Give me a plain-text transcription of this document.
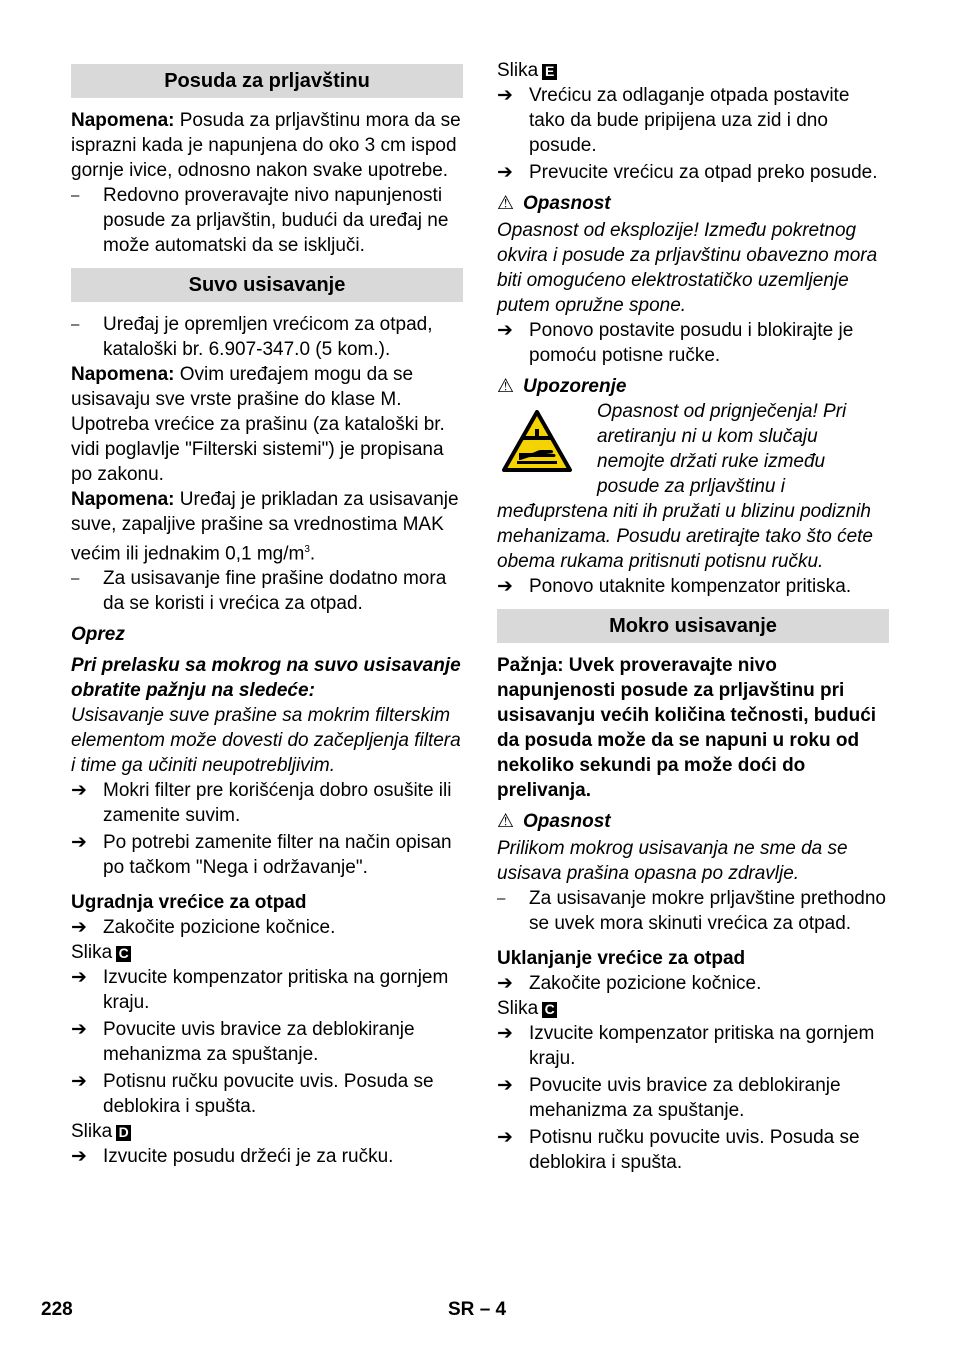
Posuda za prljavštinu

Napomena: Posuda za prljavštinu mora da se isprazni kada je napunjena do oko 3 cm ispod gornje ivice, odnosno nakon svake upotrebe.

–	Redovno proveravajte nivo napunjenosti posude za prljavštin, budući da uređaj ne može automatski da se isključi.
Suvo usisavanje
–	Uređaj je opremljen vrećicom za otpad, kataloški br. 6.907-347.0 (5 kom.).

Napomena: Ovim uređajem mogu da se usisavaju sve vrste prašine do klase M. Upotreba vrećice za prašinu (za kataloški br. vidi poglavlje "Filterski sistemi") je propisana po zakonu.

Napomena: Uređaj je prikladan za usisavanje suve, zapaljive prašine sa vrednostima MAK većim ili jednakim 0,1 $mg/m^3$.

–	Za usisavanje fine prašine dodatno mora da se koristi i vrećica za otpad.

Oprez

Pri prelasku sa mokrog na suvo usisavanje obratite pažnju na sledeće:

Usisavanje suve prašine sa mokrim filterskim elementom može dovesti do začepljenja filtera i time ga učiniti neupotrebljivim.

➔ Mokri filter pre korišćenja dobro osušite ili zamenite suvim.
➔ Po potrebi zamenite filter na način opisan po tačkom "Nega i održavanje".

Ugradnja vrećice za otpad

➔ Zakočite pozicione kočnice.

Slika C

➔ Izvucite kompenzator pritiska na gornjem kraju.
➔ Povucite uvis bravice za deblokiranje mehanizma za spuštanje.
➔ Potisnu ručku povucite uvis. Posuda se deblokira i spušta.

Slika D

➔ Izvucite posudu držeći je za ručku.

Slika E

➔ Vrećicu za odlaganje otpada postavite tako da bude pripijena uza zid i dno posude.
➔ Prevucite vrećicu za otpad preko posude.

⚠ Opasnost

Opasnost od eksplozije! Između pokretnog okvira i posude za prljavštinu obavezno mora biti omogućeno elektrostatičko uzemljenje putem opružne spone.

➔ Ponovo postavite posudu i blokirajte je pomoću potisne ručke.

⚠ Upozorenje

Opasnost od prignječenja! Pri aretiranju ni u kom slučaju nemojte držati ruke između posude za prljavštinu i međuprstena niti ih pružati u blizinu podiznih mehanizama. Posudu aretirajte tako što ćete obema rukama pritisnuti potisnu ručku.

➔ Ponovo utaknite kompenzator pritiska.
Mokro usisavanje

Pažnja: Uvek proveravajte nivo napunjenosti posude za prljavštinu pri usisavanju većih količina tečnosti, budući da posuda može da se napuni u roku od nekoliko sekundi pa može doći do prelivanja.

⚠ Opasnost

Prilikom mokrog usisavanja ne sme da se usisava prašina opasna po zdravlje.

–	Za usisavanje mokre prljavštine prethodno se uvek mora skinuti vrećica za otpad.

Uklanjanje vrećice za otpad

➔ Zakočite pozicione kočnice.

Slika C

➔ Izvucite kompenzator pritiska na gornjem kraju.
➔ Povucite uvis bravice za deblokiranje mehanizma za spuštanje.
➔ Potisnu ručku povucite uvis. Posuda se deblokira i spušta.
228	SR – 4
